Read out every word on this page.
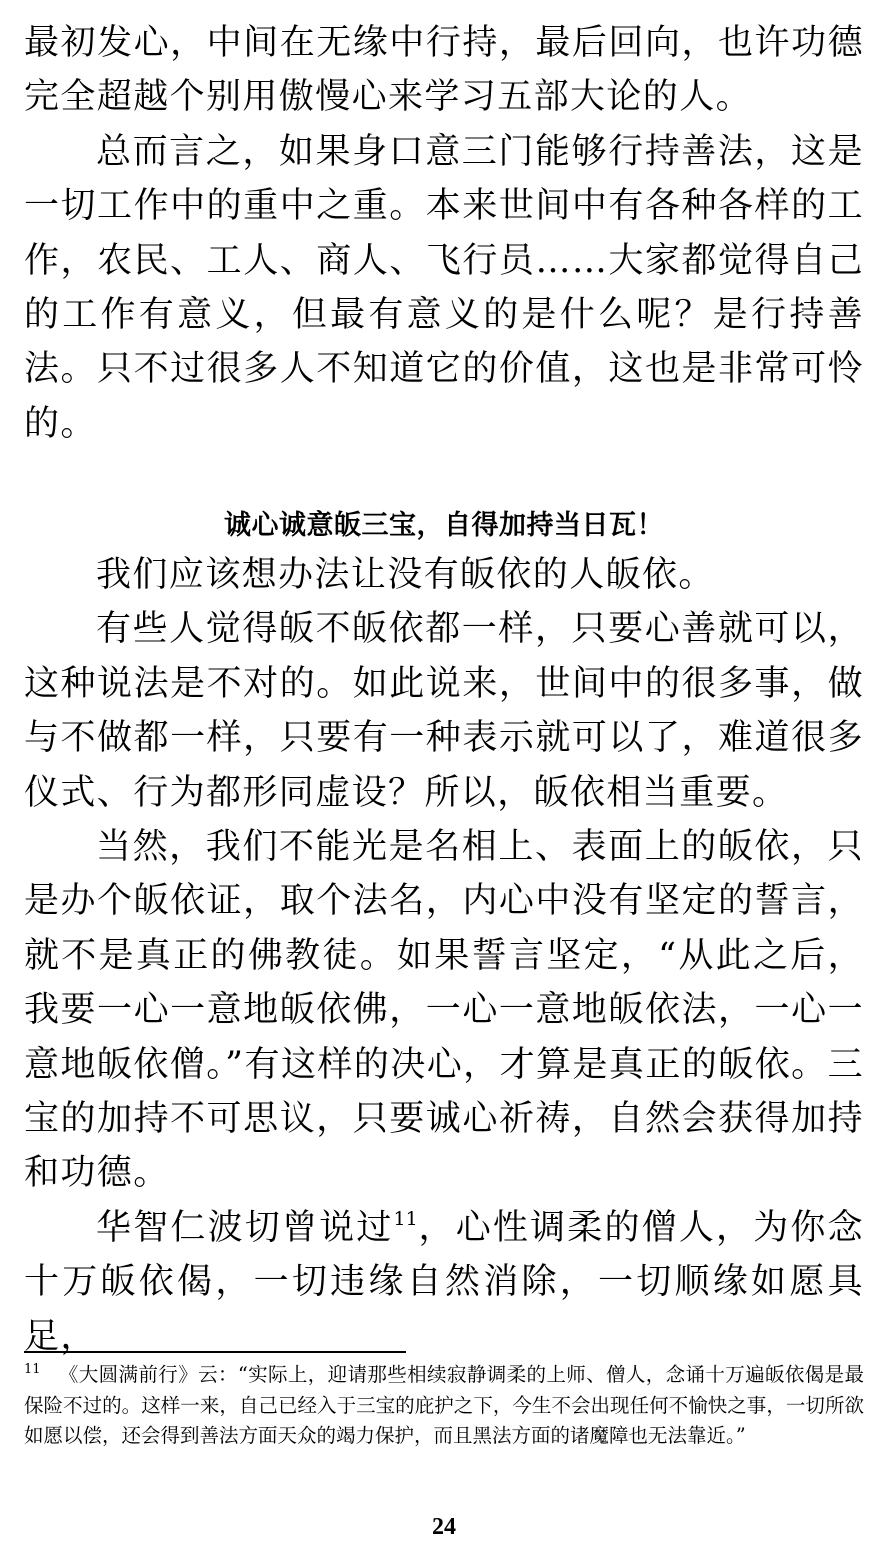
最初发心，中间在无缘中行持，最后回向，也许功德完全超越个别用傲慢心来学习五部大论的人。

总而言之，如果身口意三门能够行持善法，这是一切工作中的重中之重。本来世间中有各种各样的工作，农民、工人、商人、飞行员……大家都觉得自己的工作有意义，但最有意义的是什么呢？是行持善法。只不过很多人不知道它的价值，这也是非常可怜的。

诚心诚意皈三宝，自得加持当日瓦！

我们应该想办法让没有皈依的人皈依。

有些人觉得皈不皈依都一样，只要心善就可以，这种说法是不对的。如此说来，世间中的很多事，做与不做都一样，只要有一种表示就可以了，难道很多仪式、行为都形同虚设？所以，皈依相当重要。

当然，我们不能光是名相上、表面上的皈依，只是办个皈依证，取个法名，内心中没有坚定的誓言，就不是真正的佛教徒。如果誓言坚定，“从此之后，我要一心一意地皈依佛，一心一意地皈依法，一心一意地皈依僧。”有这样的决心，才算是真正的皈依。三宝的加持不可思议，只要诚心祈祷，自然会获得加持和功德。

华智仁波切曾说过$^{11}$，心性调柔的僧人，为你念十万皈依偈，一切违缘自然消除，一切顺缘如愿具足，

$^{11}$ 《大圆满前行》云：“实际上，迎请那些相续寂静调柔的上师、僧人，念诵十万遍皈依偈是最保险不过的。这样一来，自己已经入于三宝的庇护之下，今生不会出现任何不愉快之事，一切所欲如愿以偿，还会得到善法方面天众的竭力保护，而且黑法方面的诸魔障也无法靠近。”
24
